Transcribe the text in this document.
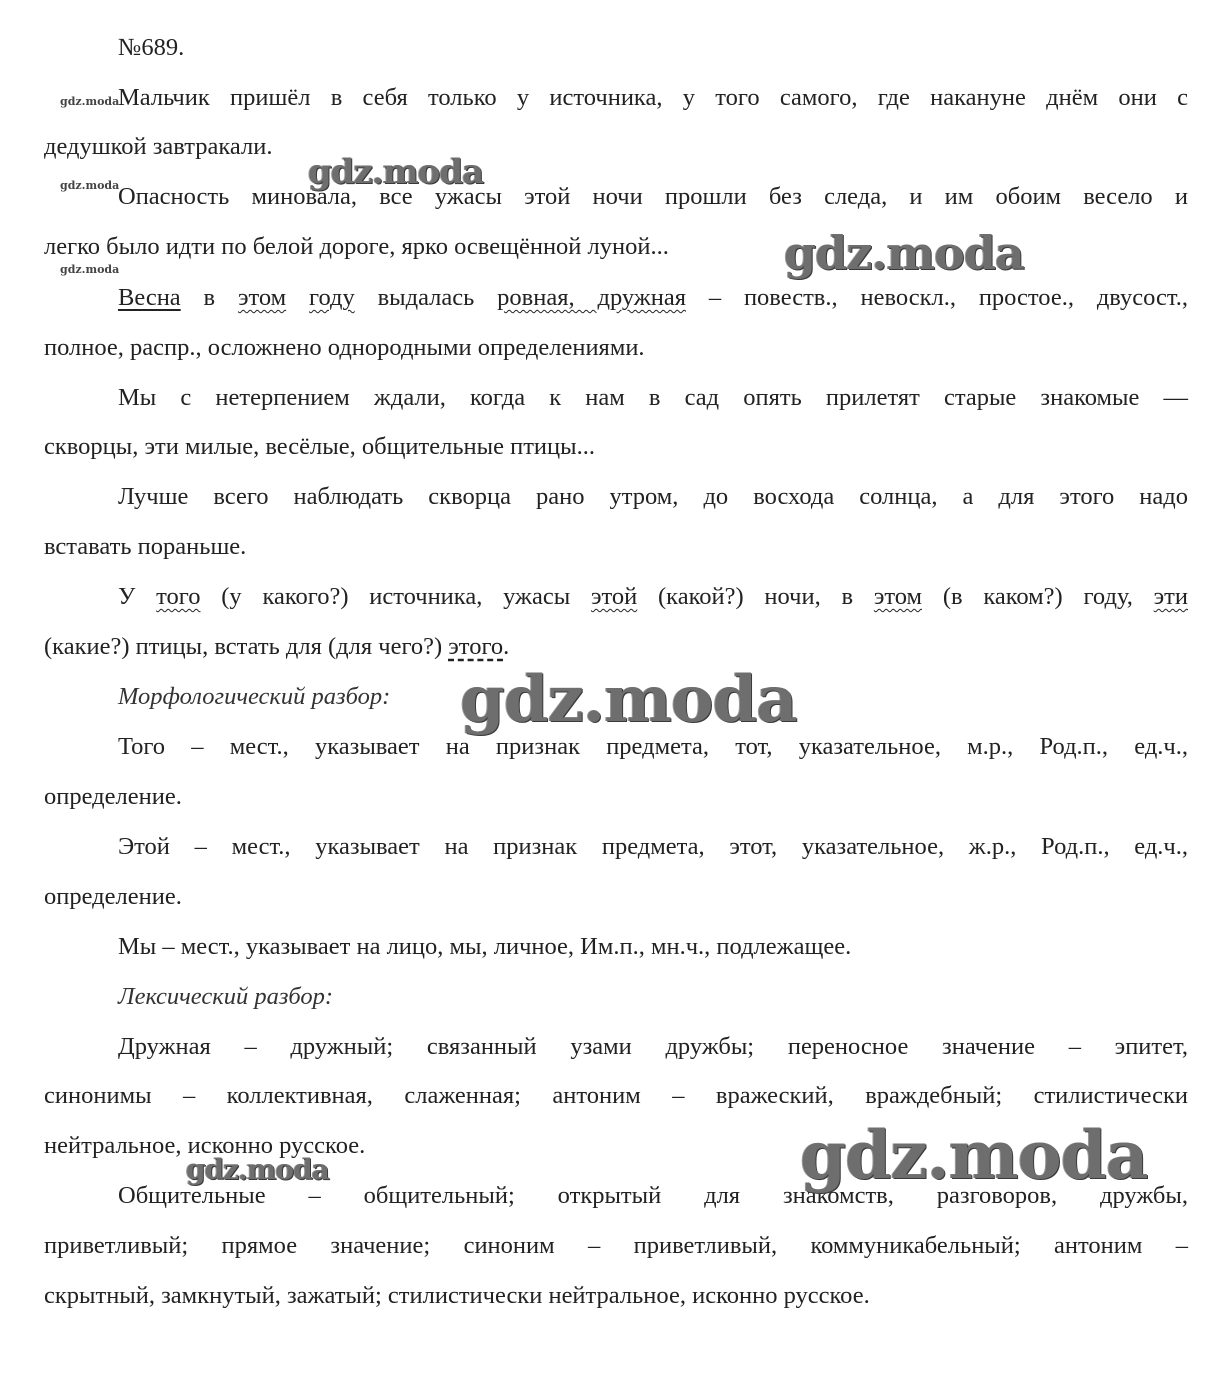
№689.
Мальчик пришёл в себя только у источника, у того самого, где накануне днём они с
дедушкой завтракали.
Опасность миновала, все ужасы этой ночи прошли без следа, и им обоим весело и
легко было идти по белой дороге, ярко освещённой луной...
Весна в этом году выдалась ровная, дружная – повеств., невоскл., простое., двусост.,
полное, распр., осложнено однородными определениями.
Мы с нетерпением ждали, когда к нам в сад опять прилетят старые знакомые —
скворцы, эти милые, весёлые, общительные птицы...
Лучше всего наблюдать скворца рано утром, до восхода солнца, а для этого надо
вставать пораньше.
У того (у какого?) источника, ужасы этой (какой?) ночи, в этом (в каком?) году, эти
(какие?) птицы, встать для (для чего?) этого.
Морфологический разбор:
Того – мест., указывает на признак предмета, тот, указательное, м.р., Род.п., ед.ч.,
определение.
Этой – мест., указывает на признак предмета, этот, указательное, ж.р., Род.п., ед.ч.,
определение.
Мы – мест., указывает на лицо, мы, личное, Им.п., мн.ч., подлежащее.
Лексический разбор:
Дружная – дружный; связанный узами дружбы; переносное значение – эпитет,
синонимы – коллективная, слаженная; антоним – вражеский, враждебный; стилистически
нейтральное, исконно русское.
Общительные – общительный; открытый для знакомств, разговоров, дружбы,
приветливый; прямое значение; синоним – приветливый, коммуникабельный; антоним –
скрытный, замкнутый, зажатый; стилистически нейтральное, исконно русское.
gdz.moda
gdz.moda
gdz.moda
gdz.moda
gdz.moda
gdz.moda
gdz.moda
gdz.moda
